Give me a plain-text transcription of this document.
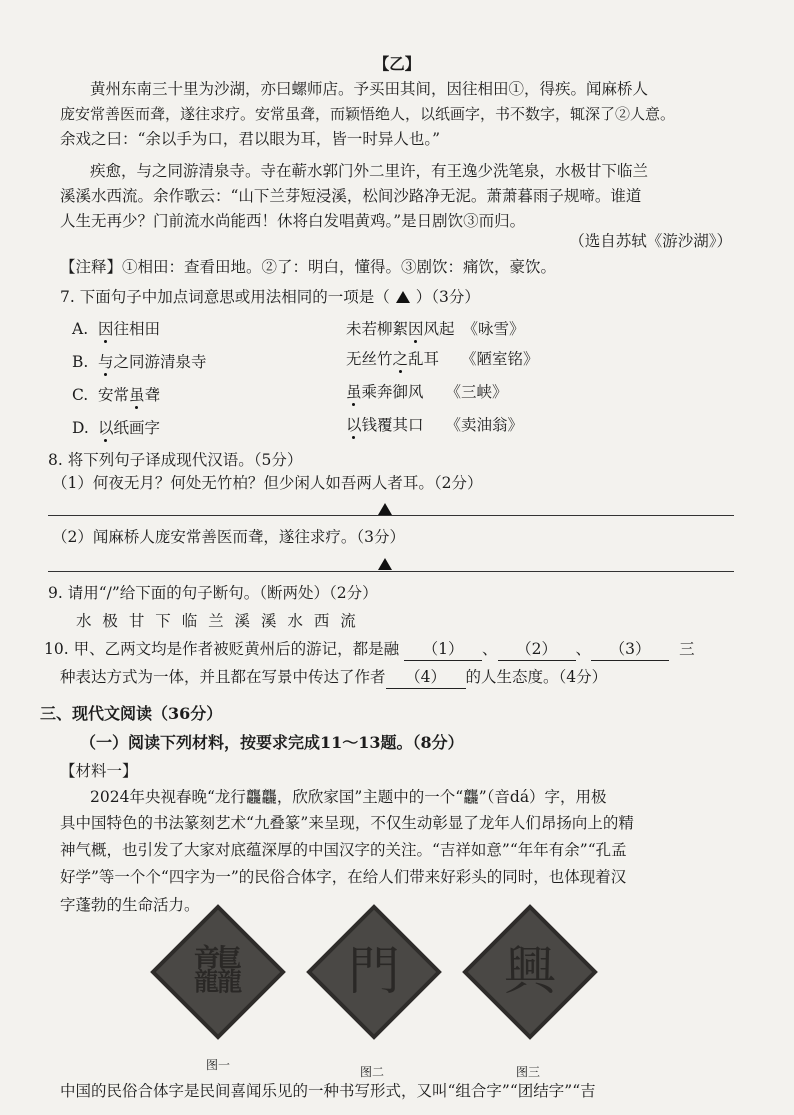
【乙】
黄州东南三十里为沙湖，亦曰螺师店。予买田其间，因往相田①，得疾。闻麻桥人
庞安常善医而聋，遂往求疗。安常虽聋，而颖悟绝人，以纸画字，书不数字，辄深了②人意。
余戏之曰：“余以手为口，君以眼为耳，皆一时异人也。”
疾愈，与之同游清泉寺。寺在蕲水郭门外二里许，有王逸少洗笔泉，水极甘下临兰
溪溪水西流。余作歌云：“山下兰芽短浸溪，松间沙路净无泥。萧萧暮雨子规啼。谁道
人生无再少？门前流水尚能西！休将白发唱黄鸡。”是日剧饮③而归。
（选自苏轼《游沙湖》）
【注释】①相田：查看田地。②了：明白，懂得。③剧饮：痛饮，豪饮。
7. 下面句子中加点词意思或用法相同的一项是（ ）（3分）
A. 因往相田	未若柳絮因风起 《咏雪》
B. 与之同游清泉寺	无丝竹之乱耳 《陋室铭》
C. 安常虽聋	虽乘奔御风 《三峡》
D. 以纸画字	以钱覆其口 《卖油翁》
8. 将下列句子译成现代汉语。（5分）
（1）何夜无月？何处无竹柏？但少闲人如吾两人者耳。（2分）
（2）闻麻桥人庞安常善医而聋，遂往求疗。（3分）
9. 请用“/”给下面的句子断句。（断两处）（2分）
水 极 甘 下 临 兰 溪 溪 水 西 流
10. 甲、乙两文均是作者被贬黄州后的游记，都是融 （1） 、 （2） 、 （3） 三
种表达方式为一体，并且都在写景中传达了作者 （4） 的人生态度。（4分）
三、现代文阅读（36分）
（一）阅读下列材料，按要求完成11～13题。（8分）
【材料一】
2024年央视春晚“龙行龘龘，欣欣家国”主题中的一个“龘”（音dá）字，用极
具中国特色的书法篆刻艺术“九叠篆”来呈现，不仅生动彰显了龙年人们昂扬向上的精
神气概，也引发了大家对底蕴深厚的中国汉字的关注。“吉祥如意”“年年有余”“孔孟
好学”等一个个“四字为一”的民俗合体字，在给人们带来好彩头的同时，也体现着汉
字蓬勃的生命活力。
龘 門 興
图一	图二	图三
中国的民俗合体字是民间喜闻乐见的一种书写形式，又叫“组合字”“团结字”“吉
